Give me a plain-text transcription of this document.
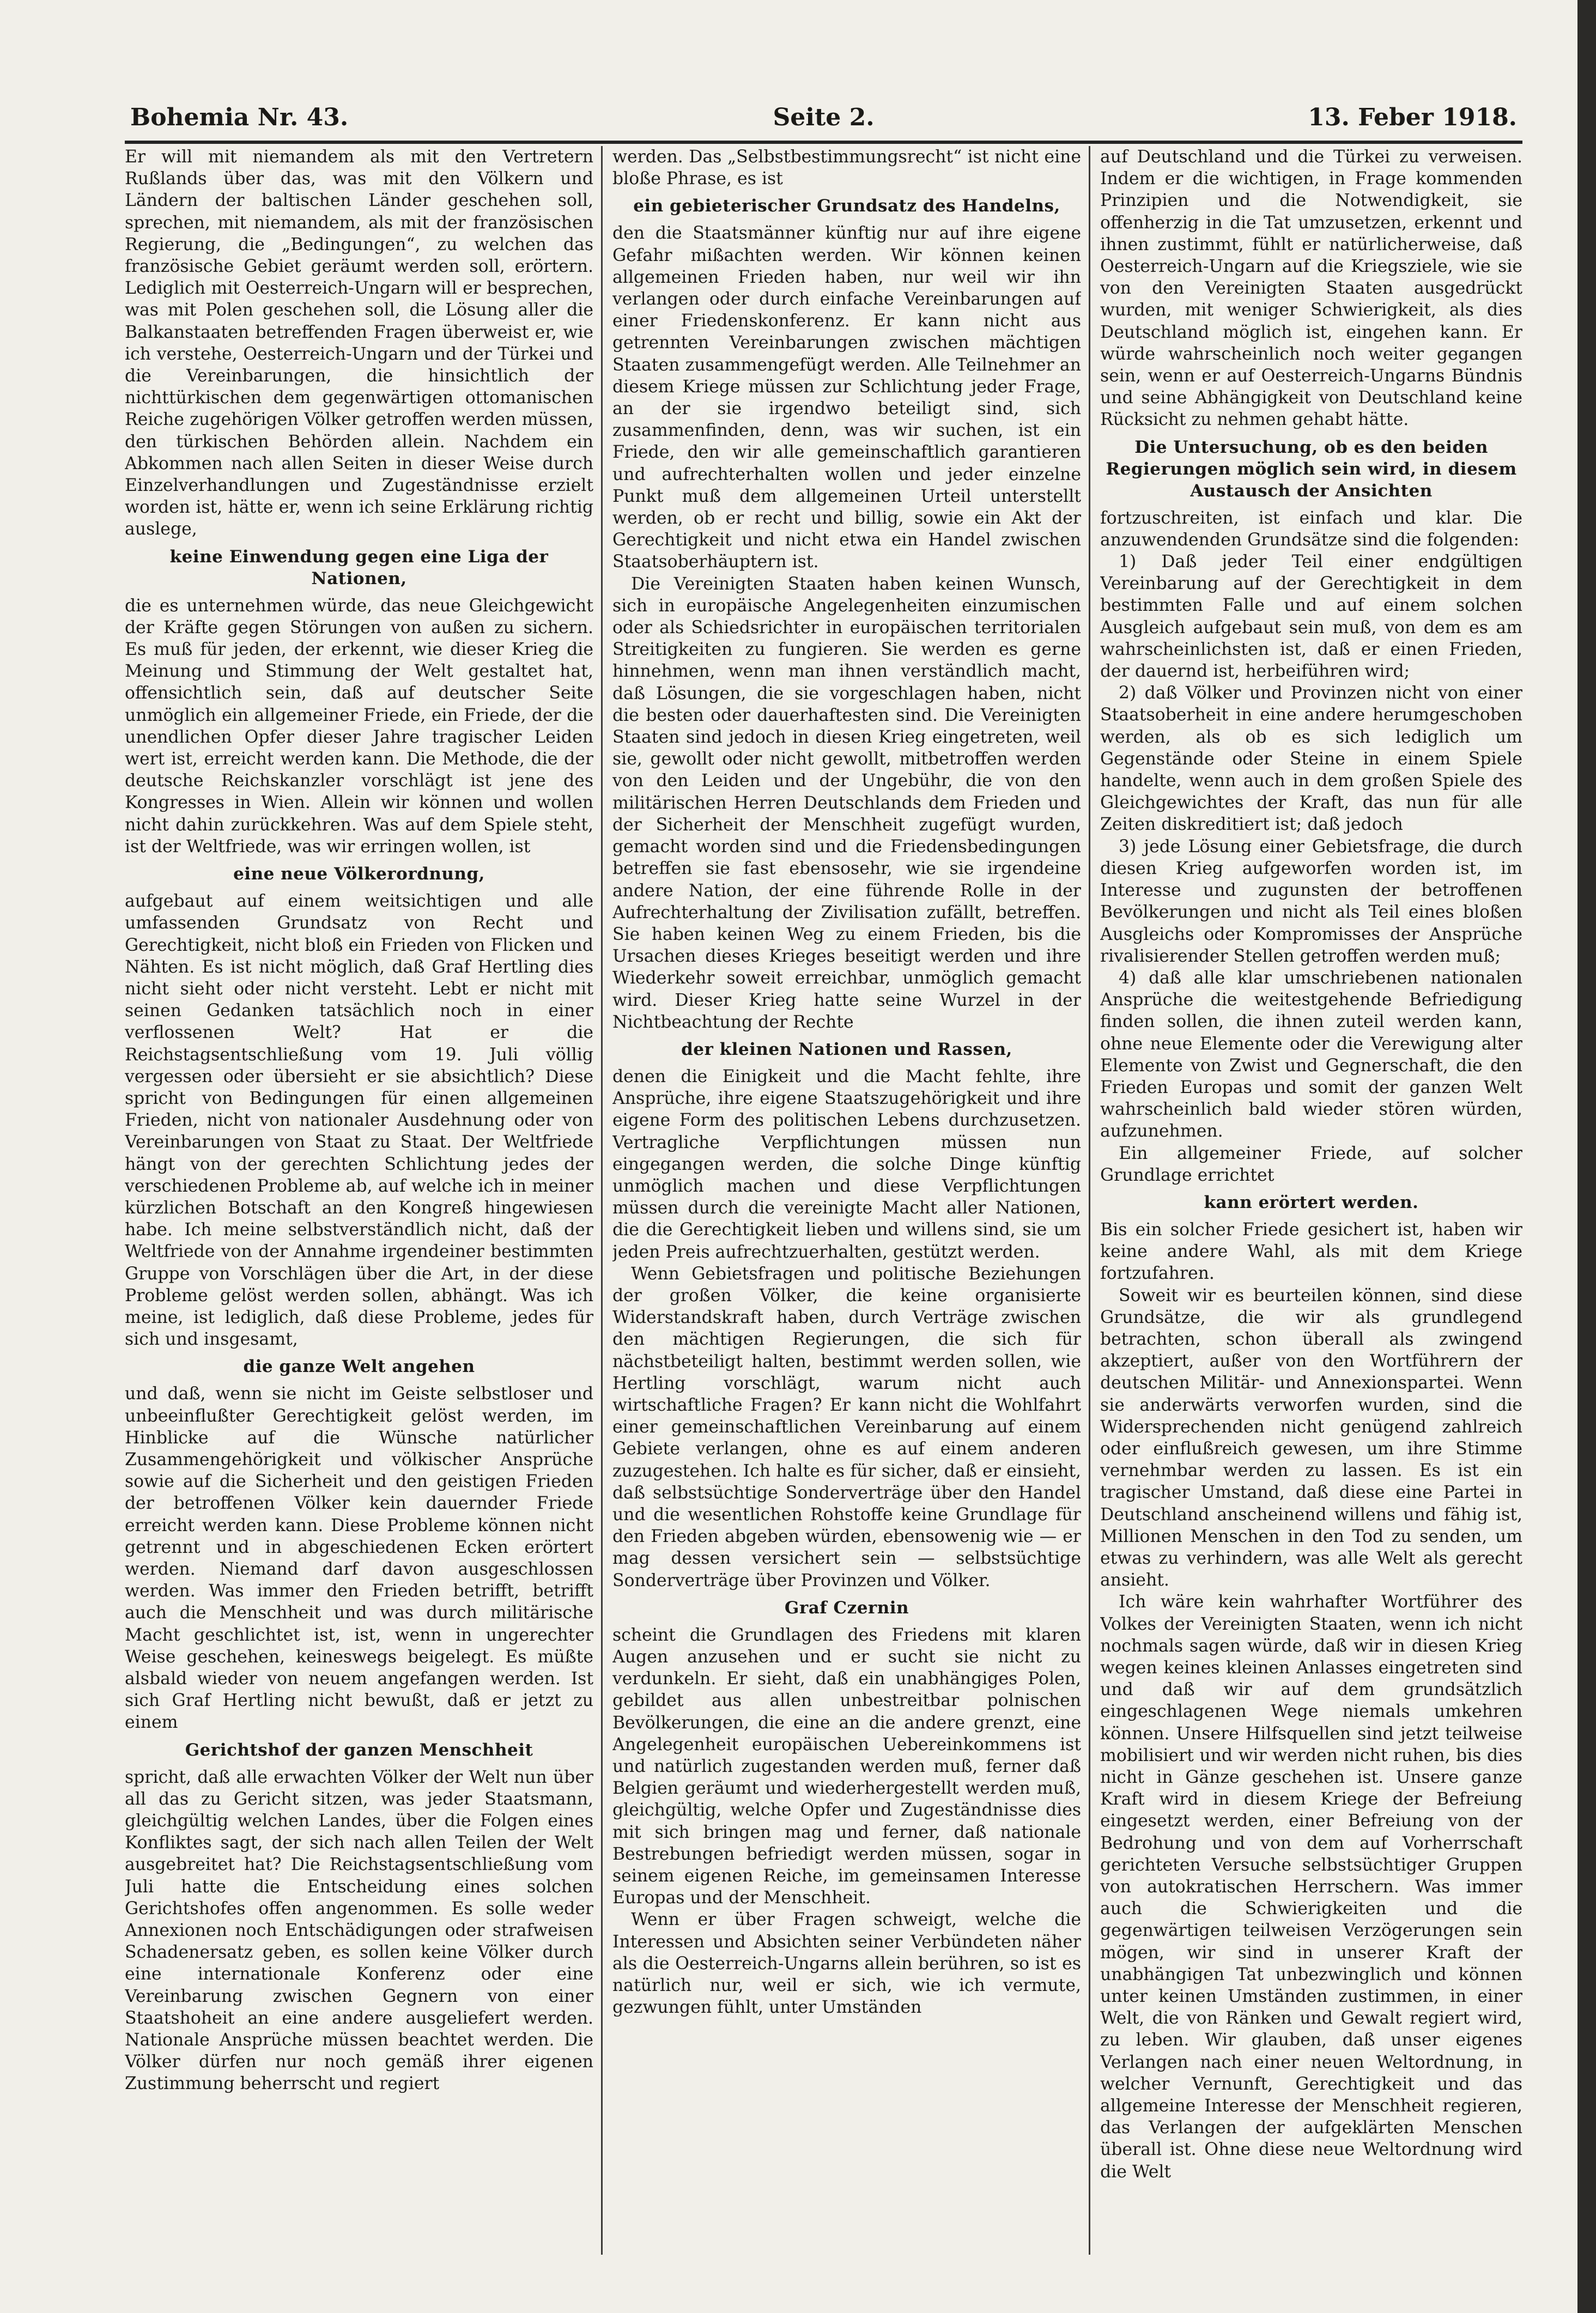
Bohemia Nr. 43.	Seite 2.	13. Feber 1918.

Er will mit niemandem als mit den Vertretern Rußlands über das, was mit den Völkern und Ländern der baltischen Länder geschehen soll, sprechen, mit niemandem, als mit der französischen Regierung, die „Bedingungen“, zu welchen das französische Gebiet geräumt werden soll, erörtern. Lediglich mit Oesterreich-Ungarn will er besprechen, was mit Polen geschehen soll, die Lösung aller die Balkanstaaten betreffenden Fragen überweist er, wie ich verstehe, Oesterreich-Ungarn und der Türkei und die Vereinbarungen, die hinsichtlich der nichttürkischen dem gegenwärtigen ottomanischen Reiche zugehörigen Völker getroffen werden müssen, den türkischen Behörden allein. Nachdem ein Abkommen nach allen Seiten in dieser Weise durch Einzelverhandlungen und Zugeständnisse erzielt worden ist, hätte er, wenn ich seine Erklärung richtig auslege,

keine Einwendung gegen eine Liga der Nationen,

die es unternehmen würde, das neue Gleichgewicht der Kräfte gegen Störungen von außen zu sichern. Es muß für jeden, der erkennt, wie dieser Krieg die Meinung und Stimmung der Welt gestaltet hat, offensichtlich sein, daß auf deutscher Seite unmöglich ein allgemeiner Friede, ein Friede, der die unendlichen Opfer dieser Jahre tragischer Leiden wert ist, erreicht werden kann. Die Methode, die der deutsche Reichskanzler vorschlägt ist jene des Kongresses in Wien. Allein wir können und wollen nicht dahin zurückkehren. Was auf dem Spiele steht, ist der Weltfriede, was wir erringen wollen, ist

eine neue Völkerordnung,

aufgebaut auf einem weitsichtigen und alle umfassenden Grundsatz von Recht und Gerechtigkeit, nicht bloß ein Frieden von Flicken und Nähten. Es ist nicht möglich, daß Graf Hertling dies nicht sieht oder nicht versteht. Lebt er nicht mit seinen Gedanken tatsächlich noch in einer verflossenen Welt? Hat er die Reichstagsentschließung vom 19. Juli völlig vergessen oder übersieht er sie absichtlich? Diese spricht von Bedingungen für einen allgemeinen Frieden, nicht von nationaler Ausdehnung oder von Vereinbarungen von Staat zu Staat. Der Weltfriede hängt von der gerechten Schlichtung jedes der verschiedenen Probleme ab, auf welche ich in meiner kürzlichen Botschaft an den Kongreß hingewiesen habe. Ich meine selbstverständlich nicht, daß der Weltfriede von der Annahme irgendeiner bestimmten Gruppe von Vorschlägen über die Art, in der diese Probleme gelöst werden sollen, abhängt. Was ich meine, ist lediglich, daß diese Probleme, jedes für sich und insgesamt,

die ganze Welt angehen

und daß, wenn sie nicht im Geiste selbstloser und unbeeinflußter Gerechtigkeit gelöst werden, im Hinblicke auf die Wünsche natürlicher Zusammengehörigkeit und völkischer Ansprüche sowie auf die Sicherheit und den geistigen Frieden der betroffenen Völker kein dauernder Friede erreicht werden kann. Diese Probleme können nicht getrennt und in abgeschiedenen Ecken erörtert werden. Niemand darf davon ausgeschlossen werden. Was immer den Frieden betrifft, betrifft auch die Menschheit und was durch militärische Macht geschlichtet ist, ist, wenn in ungerechter Weise geschehen, keineswegs beigelegt. Es müßte alsbald wieder von neuem angefangen werden. Ist sich Graf Hertling nicht bewußt, daß er jetzt zu einem

Gerichtshof der ganzen Menschheit

spricht, daß alle erwachten Völker der Welt nun über all das zu Gericht sitzen, was jeder Staatsmann, gleichgültig welchen Landes, über die Folgen eines Konfliktes sagt, der sich nach allen Teilen der Welt ausgebreitet hat? Die Reichstagsentschließung vom Juli hatte die Entscheidung eines solchen Gerichtshofes offen angenommen. Es solle weder Annexionen noch Entschädigungen oder strafweisen Schadenersatz geben, es sollen keine Völker durch eine internationale Konferenz oder eine Vereinbarung zwischen Gegnern von einer Staatshoheit an eine andere ausgeliefert werden. Nationale Ansprüche müssen beachtet werden. Die Völker dürfen nur noch gemäß ihrer eigenen Zustimmung beherrscht und regiert

werden. Das „Selbstbestimmungsrecht“ ist nicht eine bloße Phrase, es ist

ein gebieterischer Grundsatz des Handelns,

den die Staatsmänner künftig nur auf ihre eigene Gefahr mißachten werden. Wir können keinen allgemeinen Frieden haben, nur weil wir ihn verlangen oder durch einfache Vereinbarungen auf einer Friedenskonferenz. Er kann nicht aus getrennten Vereinbarungen zwischen mächtigen Staaten zusammengefügt werden. Alle Teilnehmer an diesem Kriege müssen zur Schlichtung jeder Frage, an der sie irgendwo beteiligt sind, sich zusammenfinden, denn, was wir suchen, ist ein Friede, den wir alle gemeinschaftlich garantieren und aufrechterhalten wollen und jeder einzelne Punkt muß dem allgemeinen Urteil unterstellt werden, ob er recht und billig, sowie ein Akt der Gerechtigkeit und nicht etwa ein Handel zwischen Staatsoberhäuptern ist.

Die Vereinigten Staaten haben keinen Wunsch, sich in europäische Angelegenheiten einzumischen oder als Schiedsrichter in europäischen territorialen Streitigkeiten zu fungieren. Sie werden es gerne hinnehmen, wenn man ihnen verständlich macht, daß Lösungen, die sie vorgeschlagen haben, nicht die besten oder dauerhaftesten sind. Die Vereinigten Staaten sind jedoch in diesen Krieg eingetreten, weil sie, gewollt oder nicht gewollt, mitbetroffen werden von den Leiden und der Ungebühr, die von den militärischen Herren Deutschlands dem Frieden und der Sicherheit der Menschheit zugefügt wurden, gemacht worden sind und die Friedensbedingungen betreffen sie fast ebensosehr, wie sie irgendeine andere Nation, der eine führende Rolle in der Aufrechterhaltung der Zivilisation zufällt, betreffen. Sie haben keinen Weg zu einem Frieden, bis die Ursachen dieses Krieges beseitigt werden und ihre Wiederkehr soweit erreichbar, unmöglich gemacht wird. Dieser Krieg hatte seine Wurzel in der Nichtbeachtung der Rechte

der kleinen Nationen und Rassen,

denen die Einigkeit und die Macht fehlte, ihre Ansprüche, ihre eigene Staatszugehörigkeit und ihre eigene Form des politischen Lebens durchzusetzen. Vertragliche Verpflichtungen müssen nun eingegangen werden, die solche Dinge künftig unmöglich machen und diese Verpflichtungen müssen durch die vereinigte Macht aller Nationen, die die Gerechtigkeit lieben und willens sind, sie um jeden Preis aufrechtzuerhalten, gestützt werden.

Wenn Gebietsfragen und politische Beziehungen der großen Völker, die keine organisierte Widerstandskraft haben, durch Verträge zwischen den mächtigen Regierungen, die sich für nächstbeteiligt halten, bestimmt werden sollen, wie Hertling vorschlägt, warum nicht auch wirtschaftliche Fragen? Er kann nicht die Wohlfahrt einer gemeinschaftlichen Vereinbarung auf einem Gebiete verlangen, ohne es auf einem anderen zuzugestehen. Ich halte es für sicher, daß er einsieht, daß selbstsüchtige Sonderverträge über den Handel und die wesentlichen Rohstoffe keine Grundlage für den Frieden abgeben würden, ebensowenig wie — er mag dessen versichert sein — selbstsüchtige Sonderverträge über Provinzen und Völker.

Graf Czernin

scheint die Grundlagen des Friedens mit klaren Augen anzusehen und er sucht sie nicht zu verdunkeln. Er sieht, daß ein unabhängiges Polen, gebildet aus allen unbestreitbar polnischen Bevölkerungen, die eine an die andere grenzt, eine Angelegenheit europäischen Uebereinkommens ist und natürlich zugestanden werden muß, ferner daß Belgien geräumt und wiederhergestellt werden muß, gleichgültig, welche Opfer und Zugeständnisse dies mit sich bringen mag und ferner, daß nationale Bestrebungen befriedigt werden müssen, sogar in seinem eigenen Reiche, im gemeinsamen Interesse Europas und der Menschheit.

Wenn er über Fragen schweigt, welche die Interessen und Absichten seiner Verbündeten näher als die Oesterreich-Ungarns allein berühren, so ist es natürlich nur, weil er sich, wie ich vermute, gezwungen fühlt, unter Umständen

auf Deutschland und die Türkei zu verweisen. Indem er die wichtigen, in Frage kommenden Prinzipien und die Notwendigkeit, sie offenherzig in die Tat umzusetzen, erkennt und ihnen zustimmt, fühlt er natürlicherweise, daß Oesterreich-Ungarn auf die Kriegsziele, wie sie von den Vereinigten Staaten ausgedrückt wurden, mit weniger Schwierigkeit, als dies Deutschland möglich ist, eingehen kann. Er würde wahrscheinlich noch weiter gegangen sein, wenn er auf Oesterreich-Ungarns Bündnis und seine Abhängigkeit von Deutschland keine Rücksicht zu nehmen gehabt hätte.

Die Untersuchung, ob es den beiden Regierungen möglich sein wird, in diesem Austausch der Ansichten

fortzuschreiten, ist einfach und klar. Die anzuwendenden Grundsätze sind die folgenden:

1) Daß jeder Teil einer endgültigen Vereinbarung auf der Gerechtigkeit in dem bestimmten Falle und auf einem solchen Ausgleich aufgebaut sein muß, von dem es am wahrscheinlichsten ist, daß er einen Frieden, der dauernd ist, herbeiführen wird;

2) daß Völker und Provinzen nicht von einer Staatsoberheit in eine andere herumgeschoben werden, als ob es sich lediglich um Gegenstände oder Steine in einem Spiele handelte, wenn auch in dem großen Spiele des Gleichgewichtes der Kraft, das nun für alle Zeiten diskreditiert ist; daß jedoch

3) jede Lösung einer Gebietsfrage, die durch diesen Krieg aufgeworfen worden ist, im Interesse und zugunsten der betroffenen Bevölkerungen und nicht als Teil eines bloßen Ausgleichs oder Kompromisses der Ansprüche rivalisierender Stellen getroffen werden muß;

4) daß alle klar umschriebenen nationalen Ansprüche die weitestgehende Befriedigung finden sollen, die ihnen zuteil werden kann, ohne neue Elemente oder die Verewigung alter Elemente von Zwist und Gegnerschaft, die den Frieden Europas und somit der ganzen Welt wahrscheinlich bald wieder stören würden, aufzunehmen.

Ein allgemeiner Friede, auf solcher Grundlage errichtet

kann erörtert werden.

Bis ein solcher Friede gesichert ist, haben wir keine andere Wahl, als mit dem Kriege fortzufahren.

Soweit wir es beurteilen können, sind diese Grundsätze, die wir als grundlegend betrachten, schon überall als zwingend akzeptiert, außer von den Wortführern der deutschen Militär- und Annexionspartei. Wenn sie anderwärts verworfen wurden, sind die Widersprechenden nicht genügend zahlreich oder einflußreich gewesen, um ihre Stimme vernehmbar werden zu lassen. Es ist ein tragischer Umstand, daß diese eine Partei in Deutschland anscheinend willens und fähig ist, Millionen Menschen in den Tod zu senden, um etwas zu verhindern, was alle Welt als gerecht ansieht.

Ich wäre kein wahrhafter Wortführer des Volkes der Vereinigten Staaten, wenn ich nicht nochmals sagen würde, daß wir in diesen Krieg wegen keines kleinen Anlasses eingetreten sind und daß wir auf dem grundsätzlich eingeschlagenen Wege niemals umkehren können. Unsere Hilfsquellen sind jetzt teilweise mobilisiert und wir werden nicht ruhen, bis dies nicht in Gänze geschehen ist. Unsere ganze Kraft wird in diesem Kriege der Befreiung eingesetzt werden, einer Befreiung von der Bedrohung und von dem auf Vorherrschaft gerichteten Versuche selbstsüchtiger Gruppen von autokratischen Herrschern. Was immer auch die Schwierigkeiten und die gegenwärtigen teilweisen Verzögerungen sein mögen, wir sind in unserer Kraft der unabhängigen Tat unbezwinglich und können unter keinen Umständen zustimmen, in einer Welt, die von Ränken und Gewalt regiert wird, zu leben. Wir glauben, daß unser eigenes Verlangen nach einer neuen Weltordnung, in welcher Vernunft, Gerechtigkeit und das allgemeine Interesse der Menschheit regieren, das Verlangen der aufgeklärten Menschen überall ist. Ohne diese neue Weltordnung wird die Welt
